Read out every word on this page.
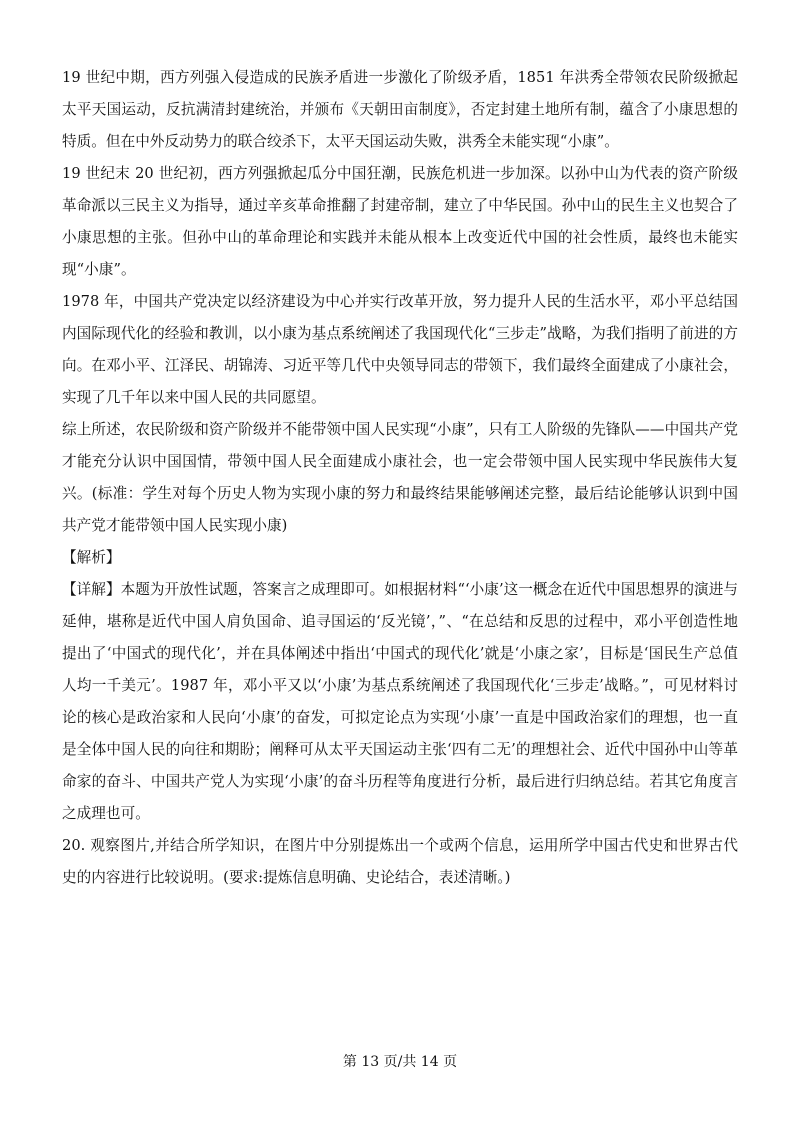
19 世纪中期，西方列强入侵造成的民族矛盾进一步激化了阶级矛盾，1851 年洪秀全带领农民阶级掀起太平天国运动，反抗满清封建统治，并颁布《天朝田亩制度》，否定封建土地所有制，蕴含了小康思想的特质。但在中外反动势力的联合绞杀下，太平天国运动失败，洪秀全未能实现“小康”。

19 世纪末 20 世纪初，西方列强掀起瓜分中国狂潮，民族危机进一步加深。以孙中山为代表的资产阶级革命派以三民主义为指导，通过辛亥革命推翻了封建帝制，建立了中华民国。孙中山的民生主义也契合了小康思想的主张。但孙中山的革命理论和实践并未能从根本上改变近代中国的社会性质，最终也未能实现“小康”。

1978 年，中国共产党决定以经济建设为中心并实行改革开放，努力提升人民的生活水平，邓小平总结国内国际现代化的经验和教训，以小康为基点系统阐述了我国现代化“三步走”战略，为我们指明了前进的方向。在邓小平、江泽民、胡锦涛、习近平等几代中央领导同志的带领下，我们最终全面建成了小康社会，实现了几千年以来中国人民的共同愿望。

综上所述，农民阶级和资产阶级并不能带领中国人民实现“小康”，只有工人阶级的先锋队——中国共产党才能充分认识中国国情，带领中国人民全面建成小康社会，也一定会带领中国人民实现中华民族伟大复兴。(标准：学生对每个历史人物为实现小康的努力和最终结果能够阐述完整，最后结论能够认识到中国共产党才能带领中国人民实现小康)

【解析】

【详解】本题为开放性试题，答案言之成理即可。如根据材料“‘小康’这一概念在近代中国思想界的演进与延伸，堪称是近代中国人肩负国命、追寻国运的‘反光镜’，”、“在总结和反思的过程中，邓小平创造性地提出了‘中国式的现代化’，并在具体阐述中指出‘中国式的现代化’就是‘小康之家’，目标是‘国民生产总值人均一千美元’。1987 年，邓小平又以‘小康’为基点系统阐述了我国现代化‘三步走’战略。”，可见材料讨论的核心是政治家和人民向‘小康’的奋发，可拟定论点为实现‘小康’一直是中国政治家们的理想，也一直是全体中国人民的向往和期盼；阐释可从太平天国运动主张‘四有二无’的理想社会、近代中国孙中山等革命家的奋斗、中国共产党人为实现‘小康’的奋斗历程等角度进行分析，最后进行归纳总结。若其它角度言之成理也可。

20. 观察图片,并结合所学知识，在图片中分别提炼出一个或两个信息，运用所学中国古代史和世界古代史的内容进行比较说明。(要求:提炼信息明确、史论结合，表述清晰。)

第 13 页/共 14 页
